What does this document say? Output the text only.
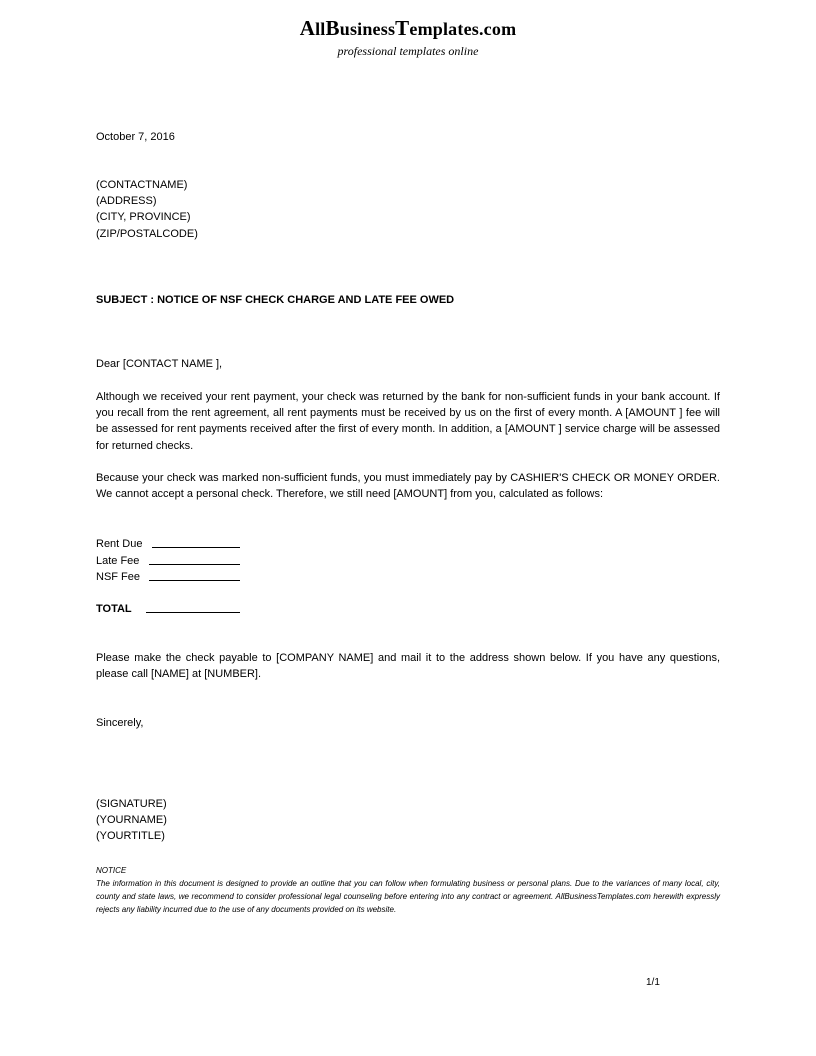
AllBusinessTemplates.com
professional templates online
October 7, 2016
(CONTACTNAME)
(ADDRESS)
(CITY, PROVINCE)
(ZIP/POSTALCODE)
SUBJECT : NOTICE OF NSF CHECK CHARGE AND LATE FEE OWED
Dear [CONTACT NAME ],
Although we received your rent payment, your check was returned by the bank for non-sufficient funds in your bank account. If you recall from the rent agreement, all rent payments must be received by us on the first of every month. A [AMOUNT ] fee will be assessed for rent payments received after the first of every month. In addition, a [AMOUNT ] service charge will be assessed for returned checks.
Because your check was marked non-sufficient funds, you must immediately pay by CASHIER'S CHECK OR MONEY ORDER. We cannot accept a personal check. Therefore, we still need [AMOUNT] from you, calculated as follows:
Rent Due
Late Fee
NSF Fee
TOTAL
Please make the check payable to [COMPANY NAME] and mail it to the address shown below. If you have any questions, please call [NAME] at [NUMBER].
Sincerely,
(SIGNATURE)
(YOURNAME)
(YOURTITLE)
NOTICE
The information in this document is designed to provide an outline that you can follow when formulating business or personal plans. Due to the variances of many local, city, county and state laws, we recommend to consider professional legal counseling before entering into any contract or agreement. AllBusinessTemplates.com herewith expressly rejects any liability incurred due to the use of any documents provided on its website.
1/1
